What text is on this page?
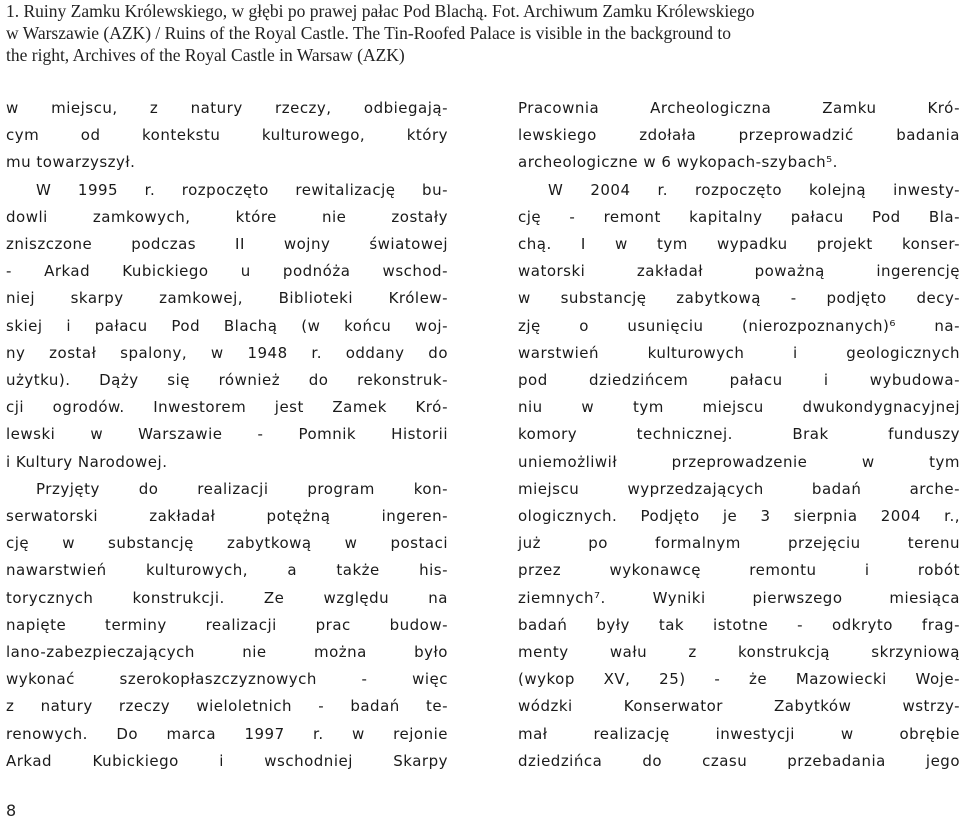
1. Ruiny Zamku Królewskiego, w głębi po prawej pałac Pod Blachą. Fot. Archiwum Zamku Królewskiego
w Warszawie (AZK) / Ruins of the Royal Castle. The Tin-Roofed Palace is visible in the background to
the right, Archives of the Royal Castle in Warsaw (AZK)
w miejscu, z natury rzeczy, odbiegają-
cym od kontekstu kulturowego, który
mu towarzyszył.
W 1995 r. rozpoczęto rewitalizację bu-
dowli zamkowych, które nie zostały
zniszczone podczas II wojny światowej
- Arkad Kubickiego u podnóża wschod-
niej skarpy zamkowej, Biblioteki Królew-
skiej i pałacu Pod Blachą (w końcu woj-
ny został spalony, w 1948 r. oddany do
użytku). Dąży się również do rekonstruk-
cji ogrodów. Inwestorem jest Zamek Kró-
lewski w Warszawie - Pomnik Historii
i Kultury Narodowej.
Przyjęty do realizacji program kon-
serwatorski zakładał potężną ingeren-
cję w substancję zabytkową w postaci
nawarstwień kulturowych, a także his-
torycznych konstrukcji. Ze względu na
napięte terminy realizacji prac budow-
lano-zabezpieczających nie można było
wykonać szerokopłaszczyznowych - więc
z natury rzeczy wieloletnich - badań te-
renowych. Do marca 1997 r. w rejonie
Arkad Kubickiego i wschodniej Skarpy
Pracownia Archeologiczna Zamku Kró-
lewskiego zdołała przeprowadzić badania
archeologiczne w 6 wykopach-szybach⁵.
W 2004 r. rozpoczęto kolejną inwesty-
cję - remont kapitalny pałacu Pod Bla-
chą. I w tym wypadku projekt konser-
watorski zakładał poważną ingerencję
w substancję zabytkową - podjęto decy-
zję o usunięciu (nierozpoznanych)⁶ na-
warstwień kulturowych i geologicznych
pod dziedzińcem pałacu i wybudowa-
niu w tym miejscu dwukondygnacyjnej
komory technicznej. Brak funduszy
uniemożliwił przeprowadzenie w tym
miejscu wyprzedzających badań arche-
ologicznych. Podjęto je 3 sierpnia 2004 r.,
już po formalnym przejęciu terenu
przez wykonawcę remontu i robót
ziemnych⁷. Wyniki pierwszego miesiąca
badań były tak istotne - odkryto frag-
menty wału z konstrukcją skrzyniową
(wykop XV, 25) - że Mazowiecki Woje-
wódzki Konserwator Zabytków wstrzy-
mał realizację inwestycji w obrębie
dziedzińca do czasu przebadania jego
8
